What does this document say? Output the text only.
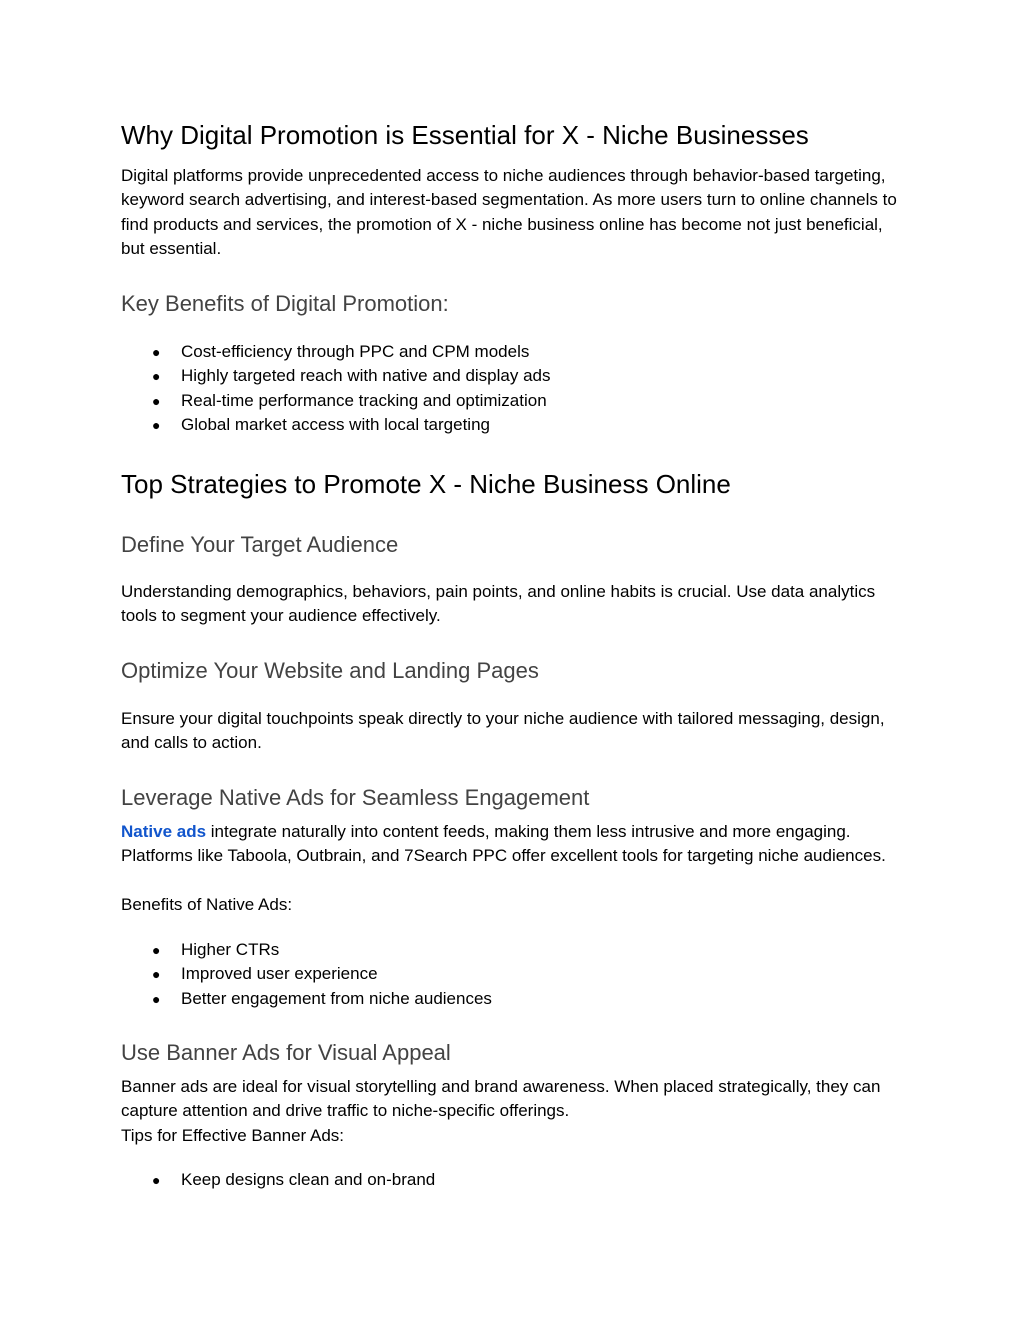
Why Digital Promotion is Essential for X - Niche Businesses

Digital platforms provide unprecedented access to niche audiences through behavior-based targeting, keyword search advertising, and interest-based segmentation. As more users turn to online channels to find products and services, the promotion of X - niche business online has become not just beneficial, but essential.

Key Benefits of Digital Promotion:
● Cost-efficiency through PPC and CPM models
● Highly targeted reach with native and display ads
● Real-time performance tracking and optimization
● Global market access with local targeting
Top Strategies to Promote X - Niche Business Online
Define Your Target Audience

Understanding demographics, behaviors, pain points, and online habits is crucial. Use data analytics tools to segment your audience effectively.

Optimize Your Website and Landing Pages

Ensure your digital touchpoints speak directly to your niche audience with tailored messaging, design, and calls to action.

Leverage Native Ads for Seamless Engagement

Native ads integrate naturally into content feeds, making them less intrusive and more engaging. Platforms like Taboola, Outbrain, and 7Search PPC offer excellent tools for targeting niche audiences.

Benefits of Native Ads:

● Higher CTRs
● Improved user experience
● Better engagement from niche audiences
Use Banner Ads for Visual Appeal

Banner ads are ideal for visual storytelling and brand awareness. When placed strategically, they can capture attention and drive traffic to niche-specific offerings.

Tips for Effective Banner Ads:

● Keep designs clean and on-brand
